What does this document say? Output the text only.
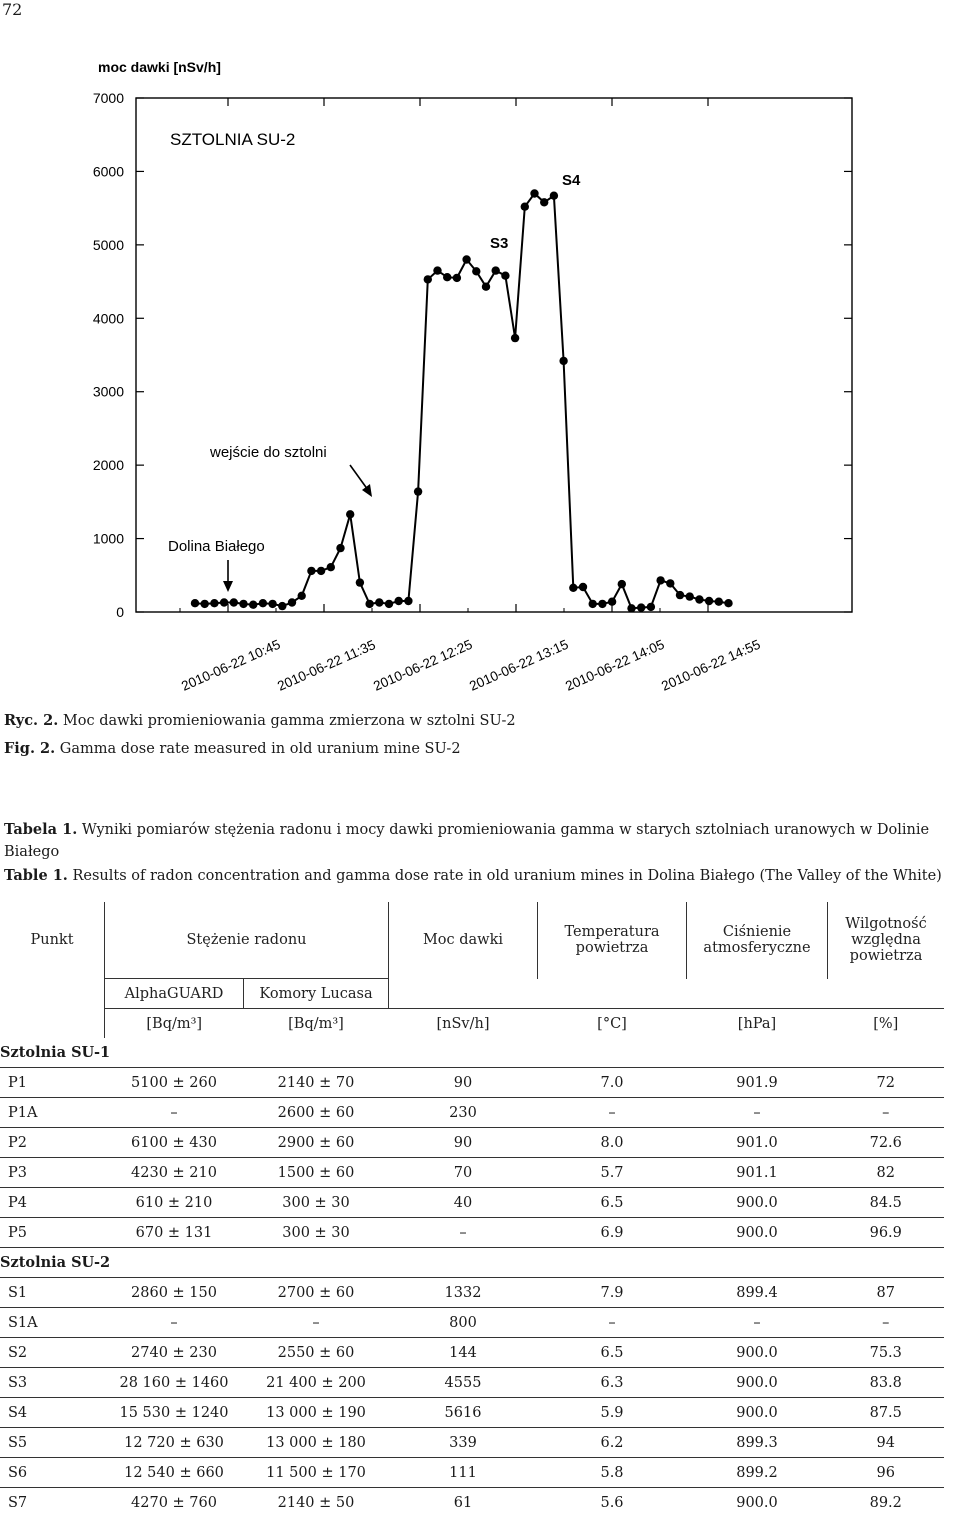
72
0
1000
2000
3000
4000
5000
6000
7000
moc dawki [nSv/h]
SZTOLNIA SU-2
2010-06-22 10:45
2010-06-22 11:35
2010-06-22 12:25
2010-06-22 13:15
2010-06-22 14:05
2010-06-22 14:55
S3
S4
wejście do sztolni
Dolina Białego
Ryc. 2. Moc dawki promieniowania gamma zmierzona w sztolni SU-2
Fig. 2. Gamma dose rate measured in old uranium mine SU-2
Tabela 1. Wyniki pomiarów stężenia radonu i mocy dawki promieniowania gamma w starych sztolniach uranowych w Dolinie Białego
Table 1. Results of radon concentration and gamma dose rate in old uranium mines in Dolina Białego (The Valley of the White)
Punkt	Stężenie radonu		Moc dawki	Temperatura powietrza	Ciśnienie atmosferyczne	Wilgotność względna powietrza

	AlphaGUARD	Komory Lucasa				
	[Bq/m³]	[Bq/m³]	[nSv/h]	[°C]	[hPa]	[%]
Sztolnia SU-1						
P1	5100 ± 260	2140 ± 70	90	7.0	901.9	72
P1A	–	2600 ± 60	230	–	–	–
P2	6100 ± 430	2900 ± 60	90	8.0	901.0	72.6
P3	4230 ± 210	1500 ± 60	70	5.7	901.1	82
P4	610 ± 210	300 ± 30	40	6.5	900.0	84.5
P5	670 ± 131	300 ± 30	–	6.9	900.0	96.9
Sztolnia SU-2						
S1	2860 ± 150	2700 ± 60	1332	7.9	899.4	87
S1A	–	–	800	–	–	–
S2	2740 ± 230	2550 ± 60	144	6.5	900.0	75.3
S3	28 160 ± 1460	21 400 ± 200	4555	6.3	900.0	83.8
S4	15 530 ± 1240	13 000 ± 190	5616	5.9	900.0	87.5
S5	12 720 ± 630	13 000 ± 180	339	6.2	899.3	94
S6	12 540 ± 660	11 500 ± 170	111	5.8	899.2	96
S7	4270 ± 760	2140 ± 50	61	5.6	900.0	89.2
